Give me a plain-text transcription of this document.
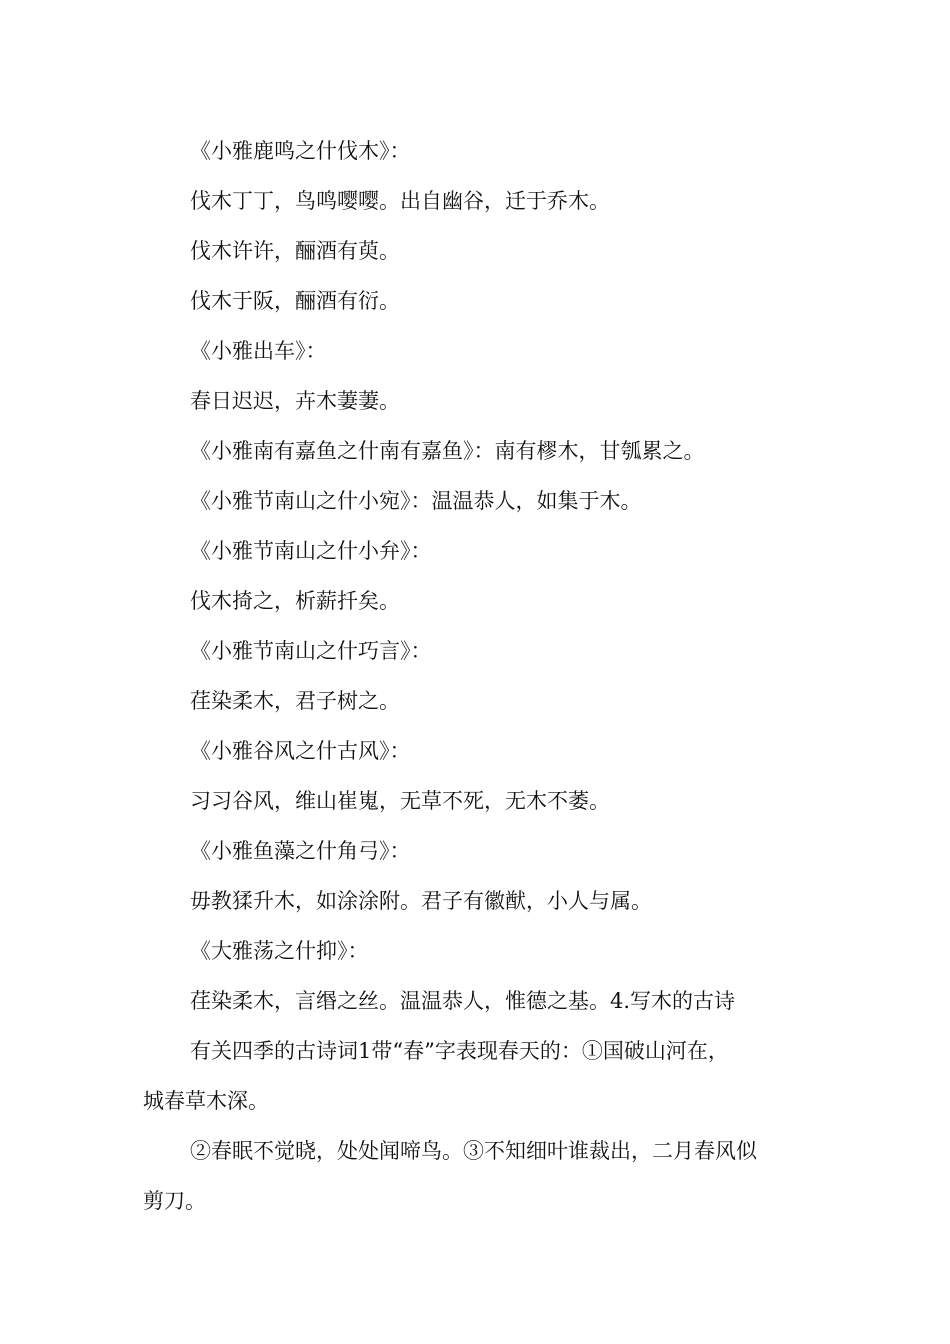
《小雅鹿鸣之什伐木》：
伐木丁丁，鸟鸣嘤嘤。出自幽谷，迁于乔木。
伐木许许，酾酒有萸。
伐木于阪，酾酒有衍。
《小雅出车》：
春日迟迟，卉木萋萋。
《小雅南有嘉鱼之什南有嘉鱼》：南有樛木，甘瓠累之。
《小雅节南山之什小宛》：温温恭人，如集于木。
《小雅节南山之什小弁》：
伐木掎之，析薪扦矣。
《小雅节南山之什巧言》：
荏染柔木，君子树之。
《小雅谷风之什古风》：
习习谷风，维山崔嵬，无草不死，无木不萎。
《小雅鱼藻之什角弓》：
毋教猱升木，如涂涂附。君子有徽猷，小人与属。
《大雅荡之什抑》：
荏染柔木，言缗之丝。温温恭人，惟德之基。4.写木的古诗
有关四季的古诗词1带“春”字表现春天的：①国破山河在，
城春草木深。
②春眠不觉晓，处处闻啼鸟。③不知细叶谁裁出，二月春风似
剪刀。
